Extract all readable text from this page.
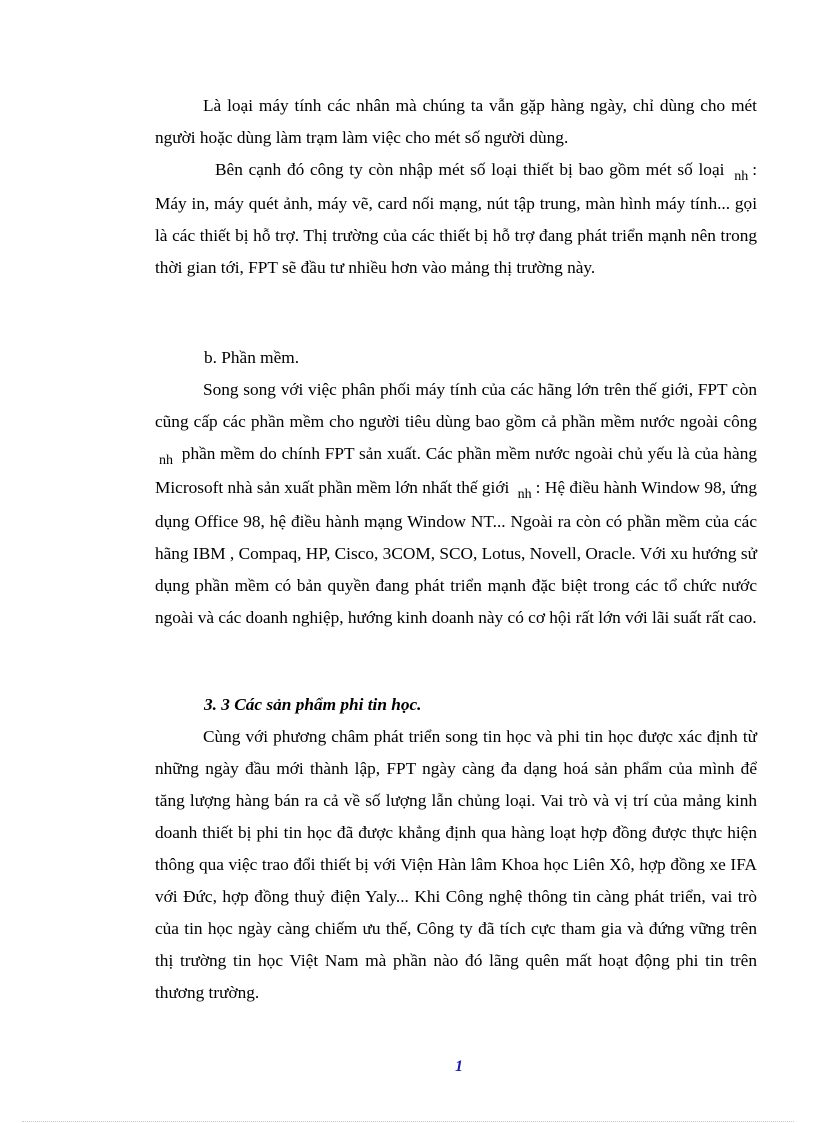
Là loại máy tính các nhân mà chúng ta vẫn gặp hàng ngày, chỉ dùng cho mét người hoặc dùng làm trạm làm việc cho mét số người dùng.

Bên cạnh đó công ty còn nhập mét số loại thiết bị bao gồm mét số loại $_{nh}$ : Máy in, máy quét ảnh, máy vẽ, card nối mạng, nút tập trung, màn hình máy tính... gọi là các thiết bị hỗ trợ. Thị trường của các thiết bị hỗ trợ đang phát triển mạnh nên trong thời gian tới, FPT sẽ đầu tư nhiều hơn vào mảng thị trường này.

b. Phần mềm.

Song song với việc phân phối máy tính của các hãng lớn trên thế giới, FPT còn cũng cấp các phần mềm cho người tiêu dùng bao gồm cả phần mềm nước ngoài công $_{nh}$ phần mềm do chính FPT sản xuất. Các phần mềm nước ngoài chủ yếu là của hàng Microsoft nhà sản xuất phần mềm lớn nhất thế giới $_{nh}$ : Hệ điều hành Window 98, ứng dụng Office 98, hệ điều hành mạng Window NT... Ngoài ra còn có phần mềm của các hãng IBM , Compaq, HP, Cisco, 3COM, SCO, Lotus, Novell, Oracle. Với xu hướng sử dụng phần mềm có bản quyền đang phát triển mạnh đặc biệt trong các tổ chức nước ngoài và các doanh nghiệp, hướng kinh doanh này có cơ hội rất lớn với lãi suất rất cao.

3. 3 Các sản phẩm phi tin học.

Cùng với phương châm phát triển song tin học và phi tin học được xác định từ những ngày đầu mới thành lập, FPT ngày càng đa dạng hoá sản phẩm của mình để tăng lượng hàng bán ra cả về số lượng lẫn chủng loại. Vai trò và vị trí của mảng kinh doanh thiết bị phi tin học đã được khẳng định qua hàng loạt hợp đồng được thực hiện thông qua việc trao đổi thiết bị với Viện Hàn lâm Khoa học Liên Xô, hợp đồng xe IFA với Đức, hợp đồng thuỷ điện Yaly... Khi Công nghệ thông tin càng phát triển, vai trò của tin học ngày càng chiếm ưu thế, Công ty đã tích cực tham gia và đứng vững trên thị trường tin học Việt Nam mà phần nào đó lãng quên mất hoạt động phi tin trên thương trường.

1
